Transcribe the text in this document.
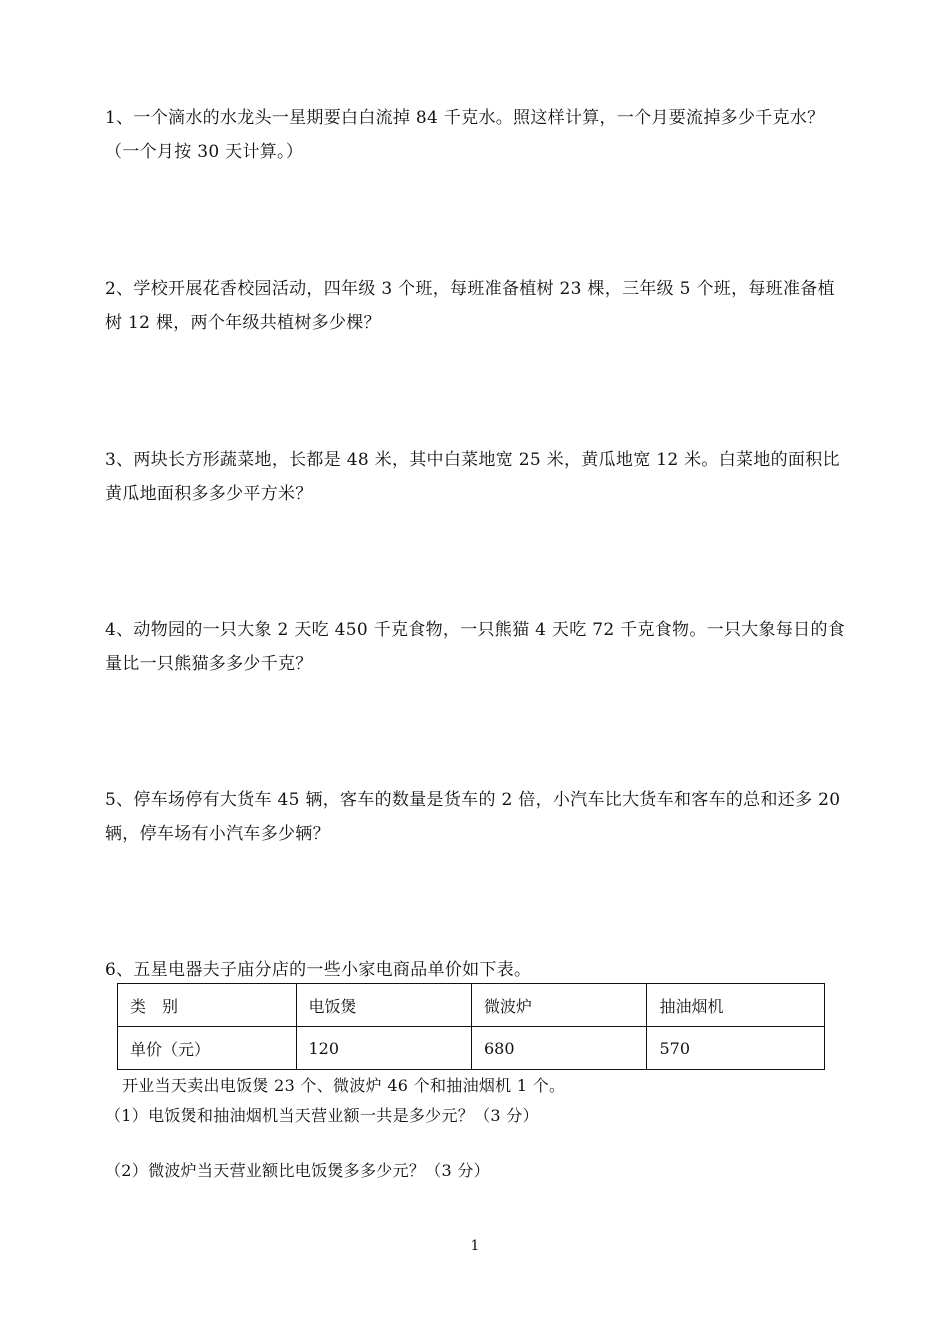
1、一个滴水的水龙头一星期要白白流掉 84 千克水。照这样计算，一个月要流掉多少千克水？（一个月按 30 天计算。）

2、学校开展花香校园活动，四年级 3 个班，每班准备植树 23 棵，三年级 5 个班，每班准备植树 12 棵，两个年级共植树多少棵？

3、两块长方形蔬菜地，长都是 48 米，其中白菜地宽 25 米，黄瓜地宽 12 米。白菜地的面积比黄瓜地面积多多少平方米？

4、动物园的一只大象 2 天吃 450 千克食物，一只熊猫 4 天吃 72 千克食物。一只大象每日的食量比一只熊猫多多少千克？

5、停车场停有大货车 45 辆，客车的数量是货车的 2 倍，小汽车比大货车和客车的总和还多 20 辆，停车场有小汽车多少辆？

6、五星电器夫子庙分店的一些小家电商品单价如下表。

类　别	电饭煲	微波炉	抽油烟机
单价（元）	120	680	570

开业当天卖出电饭煲 23 个、微波炉 46 个和抽油烟机 1 个。

（1）电饭煲和抽油烟机当天营业额一共是多少元？（3 分）

（2）微波炉当天营业额比电饭煲多多少元？（3 分）

1
